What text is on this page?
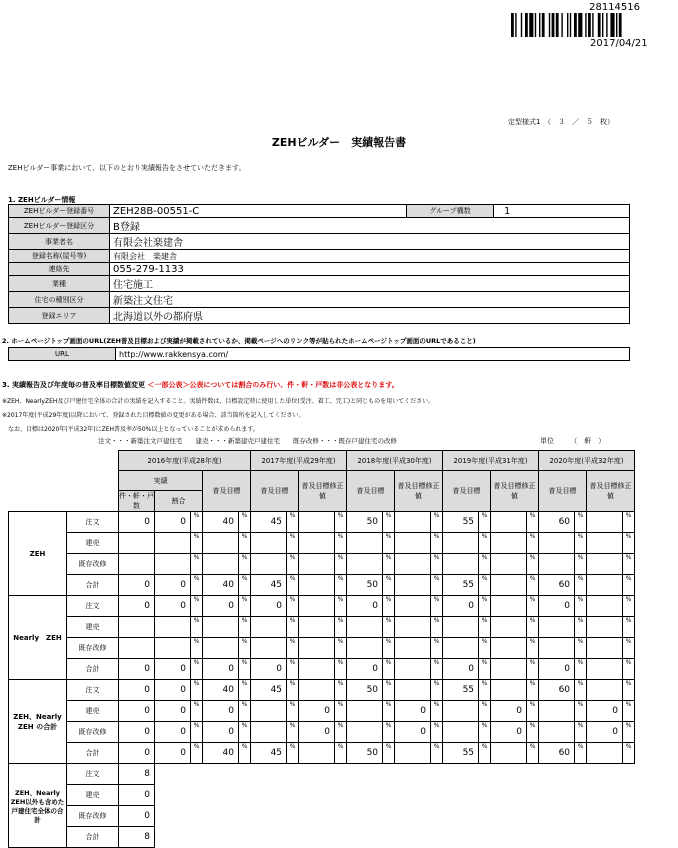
28114516
2017/04/21
定型様式1　（　３　／　５　枚）
ZEHビルダー　実績報告書
ZEHビルダー事業において、以下のとおり実績報告をさせていただきます。
1. ZEHビルダー情報
ZEHビルダー登録番号	ZEH28B-00551-C	グループ構数	1
ZEHビルダー登録区分	B登録		
事業者名	有限会社楽建舎		
登録名称(屋号等)	有限会社　楽建舎		
連絡先	055-279-1133		
業種	住宅施工		
住宅の種別区分	新築注文住宅		
登録エリア	北海道以外の都府県		
2. ホームページトップ画面のURL(ZEH普及目標および実績が掲載されているか、掲載ページへのリンク等が貼られたホームページトップ画面のURLであること)
URL	http://www.rakkensya.com/
3. 実績報告及び年度毎の普及率目標数値変更 ＜一部公表＞公表については割合のみ行い、件・軒・戸数は非公表となります。
※ZEH、NearlyZEH及び戸建住宅全体の合計の実績を記入すること。実績件数は、目標設定時に使用した単位(受注、着工、完工)と同じものを用いてください。
※2017年度(平成29年度)以降において、登録された目標数値の変更がある場合、該当箇所を記入してください。
　なお、目標は2020年(平成32年)にZEH普及率が50%以上となっていることが求められます。
注文・・・新築注文戸建住宅　　建売・・・新築建売戸建住宅　　既存改修・・・既存戸建住宅の改修	単位 （　軒　）
		2016年度(平成28年度)					2017年度(平成29年度)				2018年度(平成30年度)				2019年度(平成31年度)				2020年度(平成32年度)			
		実績			普及目標		普及目標		普及目標修正値		普及目標		普及目標修正値		普及目標		普及目標修正値		普及目標		普及目標修正値	
		件・軒・戸数	割合																			
ZEH	注文	0	0	%	40	%	45	%		%	50	%		%	55	%		%	60	%		%
	建売			%		%		%		%		%		%		%		%		%		%
	既存改修			%		%		%		%		%		%		%		%		%		%
	合計	0	0	%	40	%	45	%		%	50	%		%	55	%		%	60	%		%
Nearly　ZEH	注文	0	0	%	0	%	0	%		%	0	%		%	0	%		%	0	%		%
	建売			%		%		%		%		%		%		%		%		%		%
	既存改修			%		%		%		%		%		%		%		%		%		%
	合計	0	0	%	0	%	0	%		%	0	%		%	0	%		%	0	%		%
ZEH、Nearly ZEH の合計	注文	0	0	%	40	%	45	%		%	50	%		%	55	%		%	60	%		%
	建売	0	0	%	0	%		%	0	%		%	0	%		%	0	%		%	0	%
	既存改修	0	0	%	0	%		%	0	%		%	0	%		%	0	%		%	0	%
	合計	0	0	%	40	%	45	%		%	50	%		%	55	%		%	60	%		%
ZEH、Nearly ZEH以外も含めた戸建住宅全体の合計	注文	8																				
	建売	0																				
	既存改修	0																				
	合計	8																				
